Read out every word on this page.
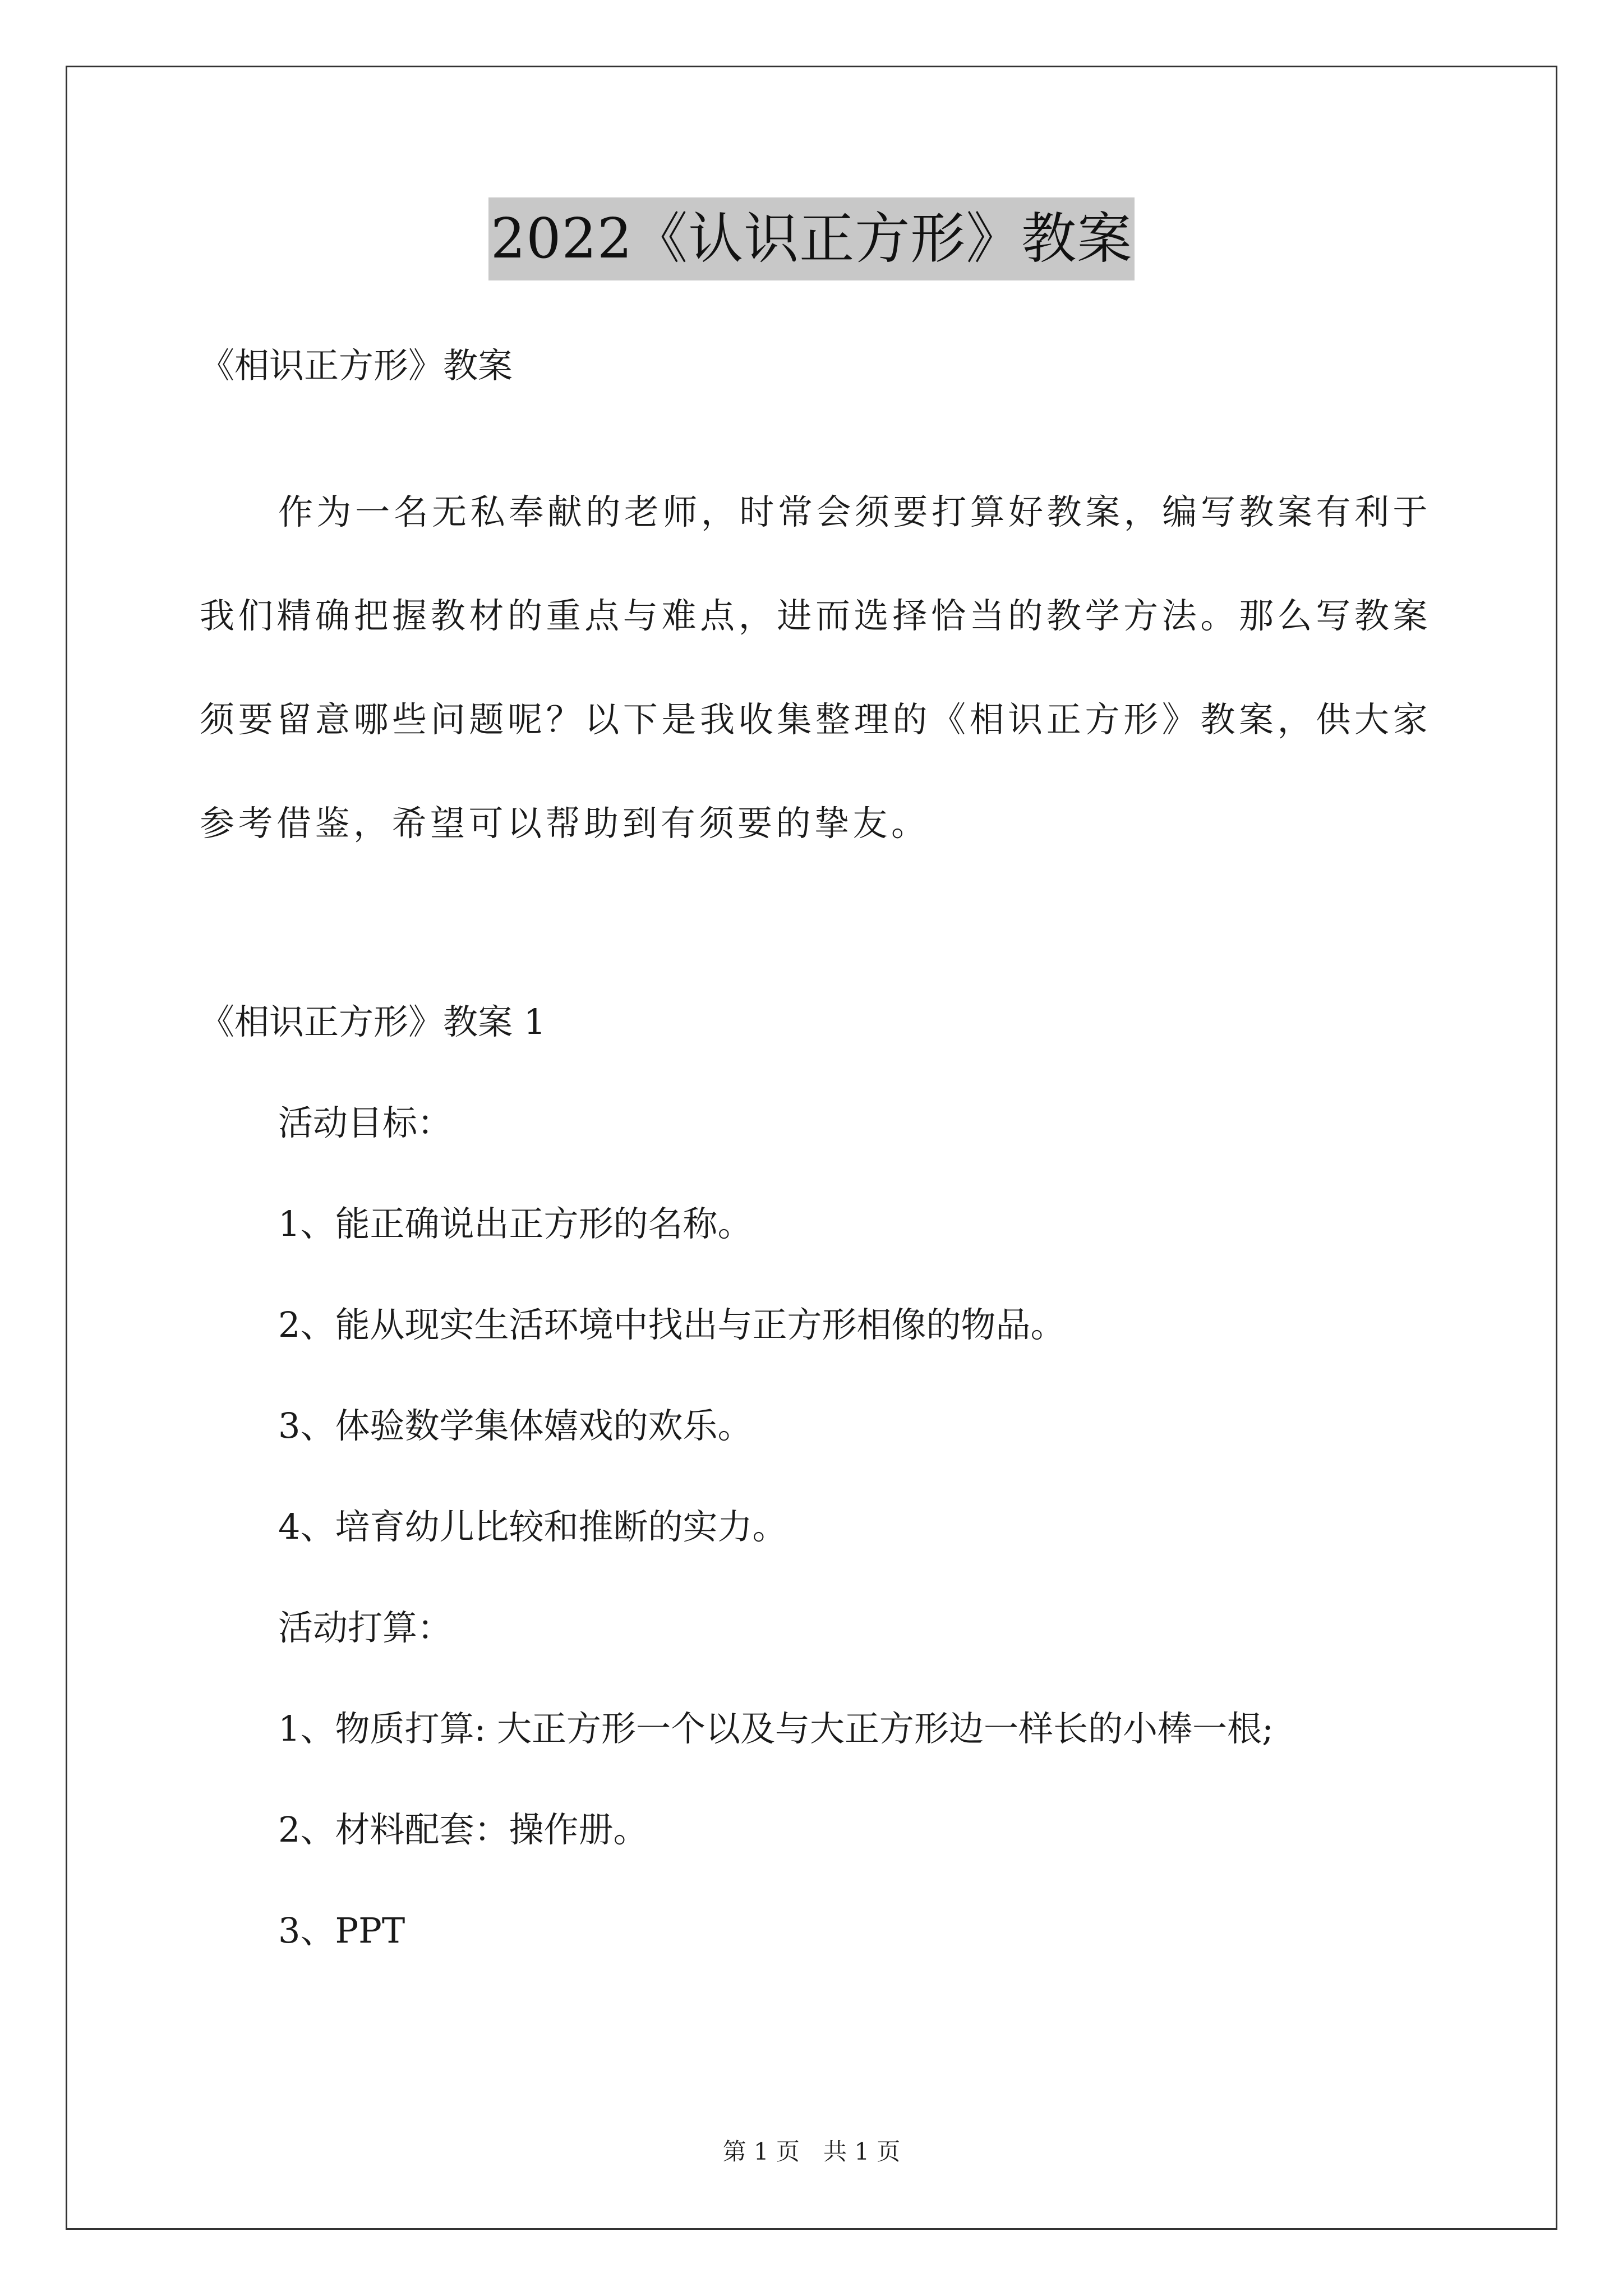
2022《认识正方形》教案
《相识正方形》教案
作为一名无私奉献的老师，时常会须要打算好教案，编写教案有利于我们精确把握教材的重点与难点，进而选择恰当的教学方法。那么写教案须要留意哪些问题呢？以下是我收集整理的《相识正方形》教案，供大家参考借鉴，希望可以帮助到有须要的挚友。
《相识正方形》教案 1
活动目标：
1、能正确说出正方形的名称。
2、能从现实生活环境中找出与正方形相像的物品。
3、体验数学集体嬉戏的欢乐。
4、培育幼儿比较和推断的实力。
活动打算：
1、物质打算: 大正方形一个以及与大正方形边一样长的小棒一根;
2、材料配套：操作册。
3、PPT
第 1 页　共 1 页
